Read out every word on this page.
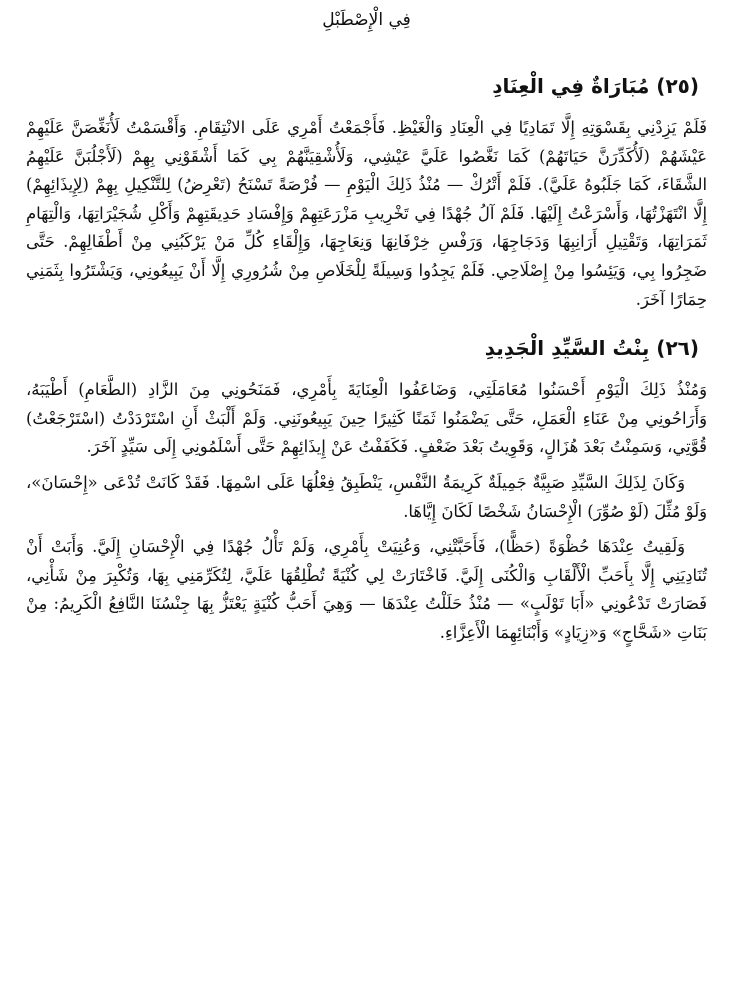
فِي الْإِصْطَبْلِ
(٢٥) مُبَارَاةٌ فِي الْعِنَادِ

فَلَمْ يَزِدْنِي بِقَسْوَتِهِ إِلَّا تَمَادِيًا فِي الْعِنَادِ وَالْغَيْظِ. فَأَجْمَعْتُ أَمْرِي عَلَى الانْتِقَامِ. وَأَقْسَمْتُ لَأُنَغِّصَنَّ عَلَيْهِمْ عَيْشَهُمْ (لَأُكَدِّرَنَّ حَيَاتَهُمْ) كَمَا نَغَّصُوا عَلَيَّ عَيْشِي، وَلَأُشْقِيَنَّهُمْ بِي كَمَا أَشْقَوْنِي بِهِمْ (لَأَجْلُبَنَّ عَلَيْهِمُ الشَّقَاءَ، كَمَا جَلَبُوهُ عَلَيَّ). فَلَمْ أَتْرُكْ — مُنْذُ ذَلِكَ الْيَوْمِ — فُرْصَةً تَسْنَحُ (تَعْرِضُ) لِلتَّنْكِيلِ بِهِمْ (لِإِيذَائِهِمْ) إِلَّا انْتَهَزْتُهَا، وَأَسْرَعْتُ إِلَيْهَا. فَلَمْ آلُ جُهْدًا فِي تَخْرِيبِ مَزْرَعَتِهِمْ وَإِفْسَادِ حَدِيقَتِهِمْ وَأَكْلِ شُجَيْرَاتِهَا، وَالْتِهَامِ ثَمَرَاتِهَا، وَتَقْتِيلِ أَرَانِبِهَا وَدَجَاجِهَا، وَرَفْسِ خِرْفَانِهَا وَنِعَاجِهَا، وَإِلْقَاءِ كُلِّ مَنْ يَرْكَبُنِي مِنْ أَطْفَالِهِمْ. حَتَّى ضَجِرُوا بِي، وَيَئِسُوا مِنْ إِصْلَاحِي. فَلَمْ يَجِدُوا وَسِيلَةً لِلْخَلَاصِ مِنْ شُرُورِي إِلَّا أَنْ يَبِيعُونِي، وَيَشْتَرُوا بِثَمَنِي حِمَارًا آخَرَ.

(٢٦) بِنْتُ السَّيِّدِ الْجَدِيدِ

وَمُنْذُ ذَلِكَ الْيَوْمِ أَحْسَنُوا مُعَامَلَتِي، وَضَاعَفُوا الْعِنَايَةَ بِأَمْرِي، فَمَنَحُونِي مِنَ الزَّادِ (الطَّعَامِ) أَطْيَبَهُ، وَأَرَاحُونِي مِنْ عَنَاءِ الْعَمَلِ، حَتَّى يَضْمَنُوا ثَمَنًا كَثِيرًا حِينَ يَبِيعُونَنِي. وَلَمْ أَلْبَثْ أَنِ اسْتَرْدَدْتُ (اسْتَرْجَعْتُ) قُوَّتِي، وَسَمِنْتُ بَعْدَ هُزَالٍ، وَقَوِيتُ بَعْدَ ضَعْفٍ. فَكَفَفْتُ عَنْ إِيذَائِهِمْ حَتَّى أَسْلَمُونِي إِلَى سَيِّدٍ آخَرَ.

وَكَانَ لِذَلِكَ السَّيِّدِ صَبِيَّةٌ جَمِيلَةٌ كَرِيمَةُ النَّفْسِ، يَنْطَبِقُ فِعْلُهَا عَلَى اسْمِهَا. فَقَدْ كَانَتْ تُدْعَى «إِحْسَانَ»، وَلَوْ مُثِّلَ (لَوْ صُوِّرَ) الْإِحْسَانُ شَخْصًا لَكَانَ إِيَّاهَا.

وَلَقِيتُ عِنْدَهَا حُظْوَةً (حَظًّا)، فَأَحَبَّتْنِي، وَعُنِيَتْ بِأَمْرِي، وَلَمْ تَأْلُ جُهْدًا فِي الْإِحْسَانِ إِلَيَّ. وَأَبَتْ أَنْ تُنَادِيَنِي إِلَّا بِأَحَبِّ الْأَلْقَابِ وَالْكُنَى إِلَيَّ. فَاخْتَارَتْ لِي كُنْيَةً تُطْلِقُهَا عَلَيَّ، لِتُكَرِّمَنِي بِهَا، وَتُكْبِرَ مِنْ شَأْنِي، فَصَارَتْ تَدْعُونِي «أَبَا تَوْلَبٍ» — مُنْذُ حَلَلْتُ عِنْدَهَا — وَهِيَ أَحَبُّ كُنْيَةٍ يَعْتَزُّ بِهَا جِنْسُنَا النَّافِعُ الْكَرِيمُ: مِنْ بَنَاتِ «شَحَّاجٍ» وَ«زِيَادٍ» وَأَبْنَائِهِمَا الْأَعِزَّاءِ.
